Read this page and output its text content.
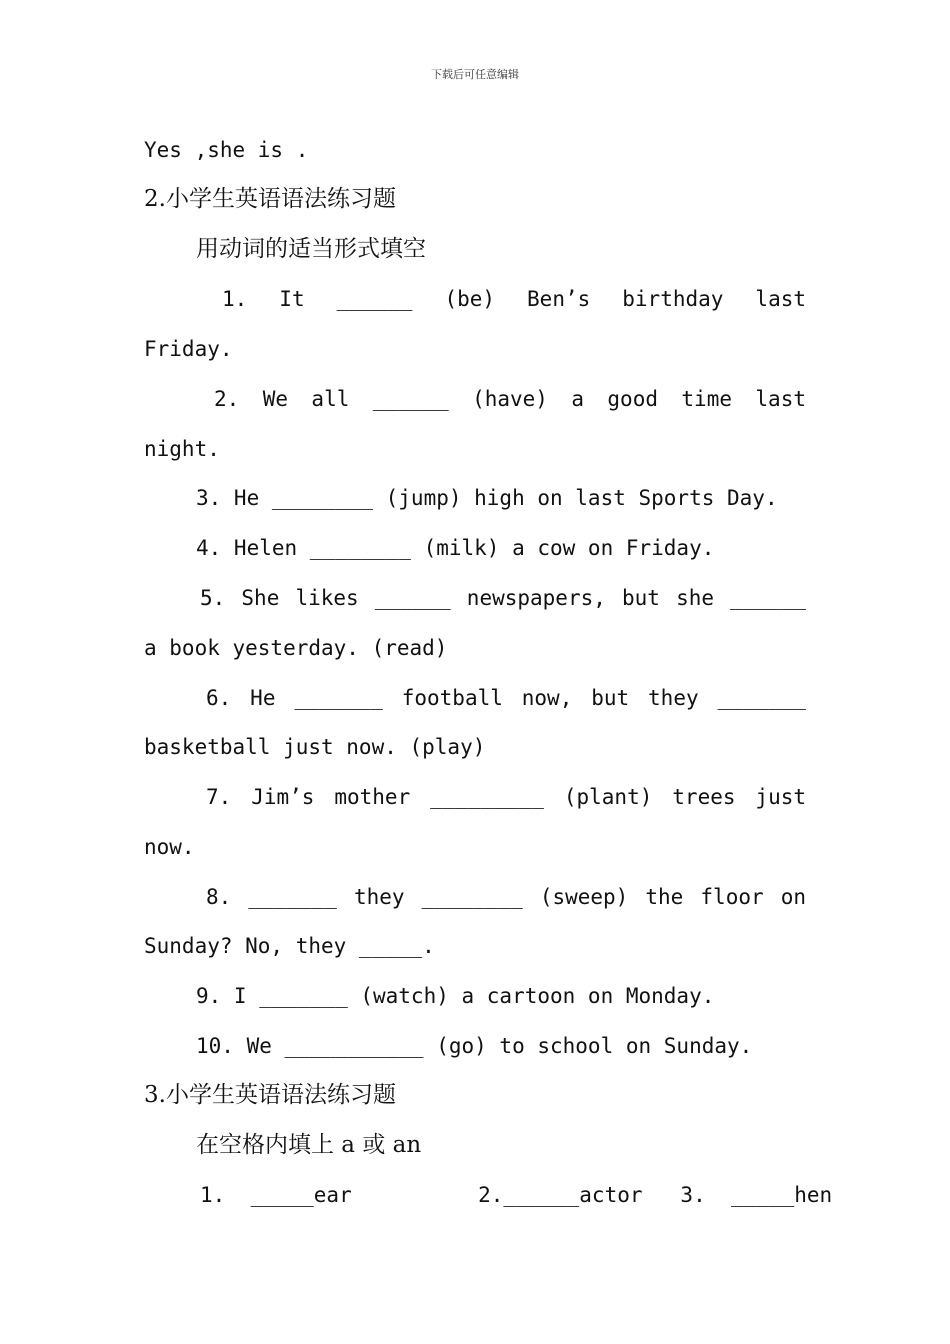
下载后可任意编辑
Yes ,she is .
2.小学生英语语法练习题
用动词的适当形式填空
1. It ______ (be) Ben’s birthday last
Friday.
2. We all ______ (have) a good time last
night.
3. He ________ (jump) high on last Sports Day.
4. Helen ________ (milk) a cow on Friday.
5. She likes ______ newspapers, but she ______
a book yesterday. (read)
6. He _______ football now, but they _______
basketball just now. (play)
7. Jim’s mother _________ (plant) trees just
now.
8. _______ they ________ (sweep) the floor on
Sunday? No, they _____.
9. I _______ (watch) a cartoon on Monday.
10. We ___________ (go) to school on Sunday.
3.小学生英语语法练习题
在空格内填上 a 或 an
1.  _____ear          2.______actor   3.  _____hen
